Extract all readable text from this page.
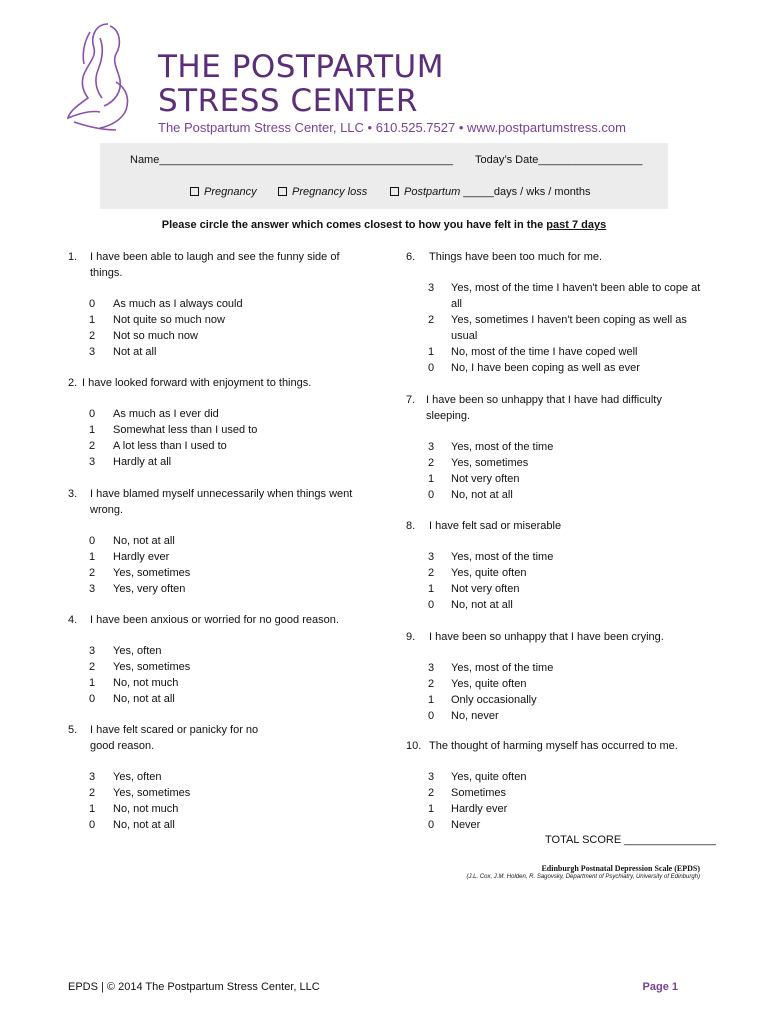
THE POSTPARTUM
STRESS CENTER
The Postpartum Stress Center, LLC • 610.525.7527 • www.postpartumstress.com
Name________________________________________________ Today’s Date_________________
Pregnancy	Pregnancy loss	Postpartum _____days / wks / months
Please circle the answer which comes closest to how you have felt in the past 7 days
1.	I have been able to laugh and see the funny side of things.
0 As much as I always could
1 Not quite so much now
2 Not so much now
3 Not at all
2. I have looked forward with enjoyment to things.
0 As much as I ever did
1 Somewhat less than I used to
2 A lot less than I used to
3 Hardly at all
3.	I have blamed myself unnecessarily when things went wrong.
0 No, not at all
1 Hardly ever
2 Yes, sometimes
3 Yes, very often
4.	I have been anxious or worried for no good reason.
3 Yes, often
2 Yes, sometimes
1 No, not much
0 No, not at all
5.	I have felt scared or panicky for no good reason.
3 Yes, often
2 Yes, sometimes
1 No, not much
0 No, not at all
6.	Things have been too much for me.
3 Yes, most of the time I haven't been able to cope at all
2 Yes, sometimes I haven't been coping as well as usual
1 No, most of the time I have coped well
0 No, I have been coping as well as ever
7. I have been so unhappy that I have had difficulty sleeping.
3 Yes, most of the time
2 Yes, sometimes
1 Not very often
0 No, not at all
8.	I have felt sad or miserable
3 Yes, most of the time
2 Yes, quite often
1 Not very often
0 No, not at all
9.	I have been so unhappy that I have been crying.
3 Yes, most of the time
2 Yes, quite often
1 Only occasionally
0 No, never
10. The thought of harming myself has occurred to me.
3 Yes, quite often
2 Sometimes
1 Hardly ever
0 Never
TOTAL SCORE _______________
Edinburgh Postnatal Depression Scale (EPDS)
(J.L. Cox, J.M. Holden, R. Sagovsky, Department of Psychiatry, University of Edinburgh)
EPDS | © 2014 The Postpartum Stress Center, LLC	Page 1
